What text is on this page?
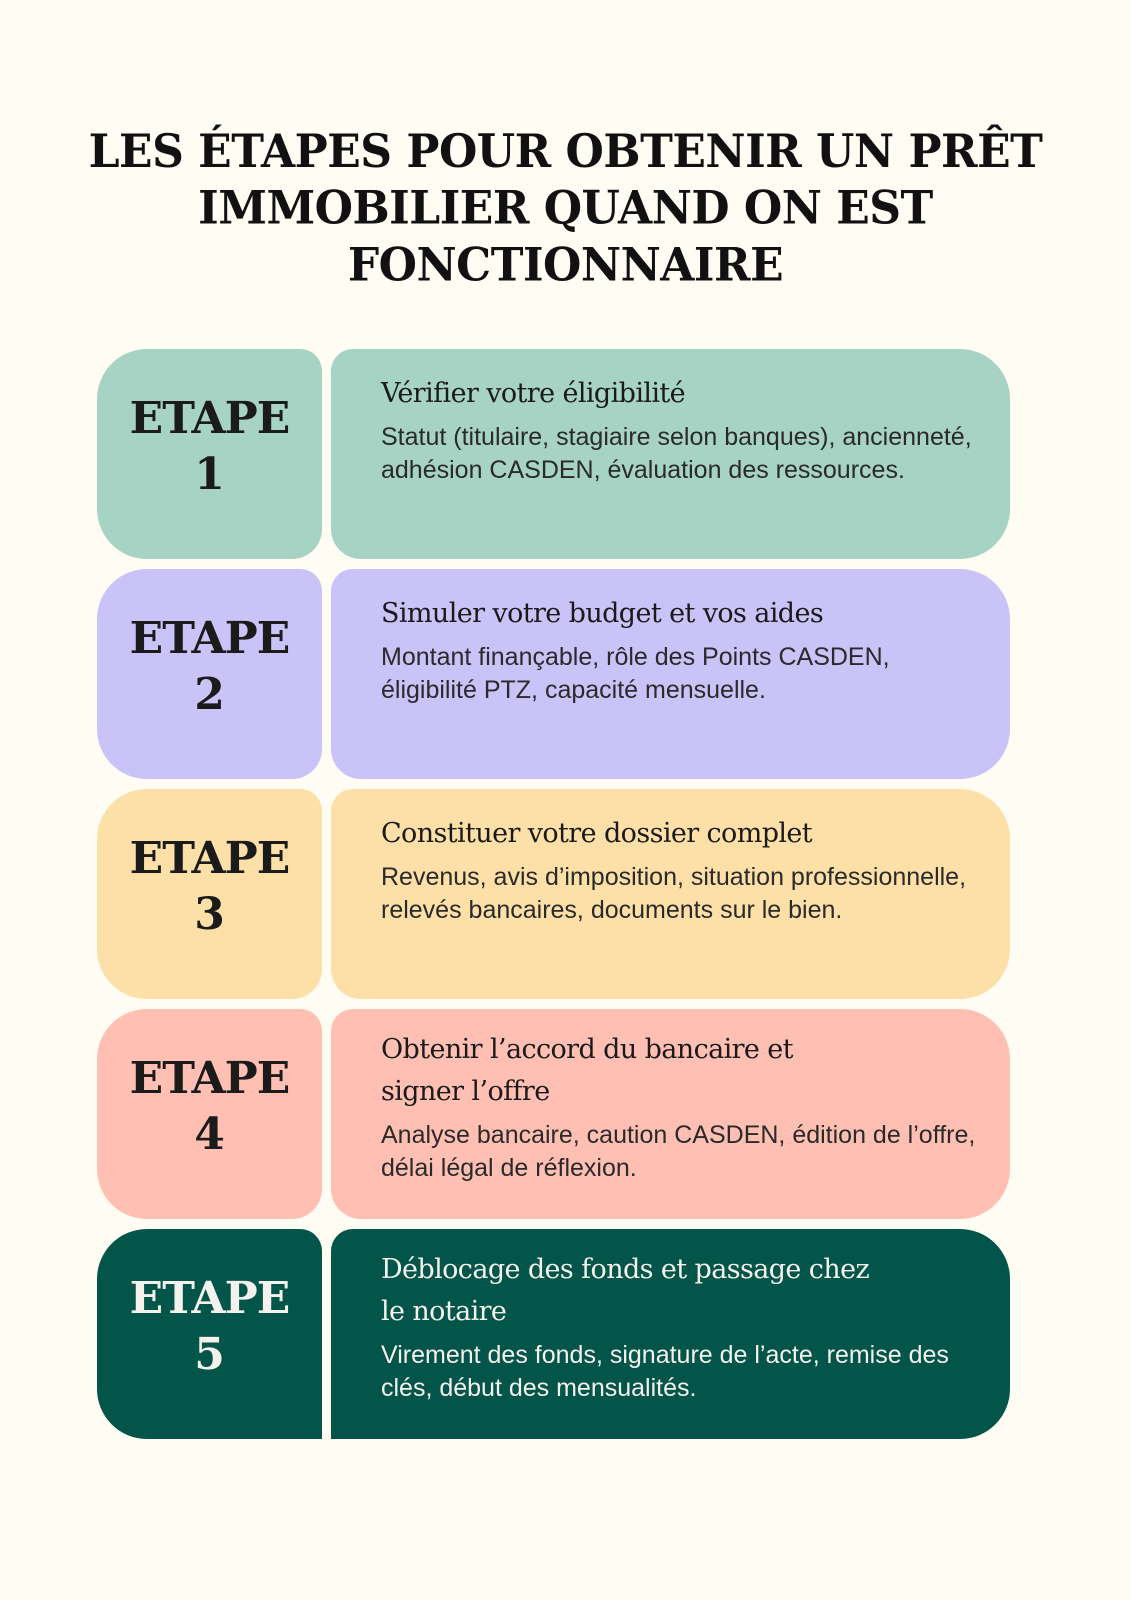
LES ÉTAPES POUR OBTENIR UN PRÊT
IMMOBILIER QUAND ON EST
FONCTIONNAIRE
ETAPE
1
Vérifier votre éligibilité
Statut (titulaire, stagiaire selon banques), ancienneté, adhésion CASDEN, évaluation des ressources.
ETAPE
2
Simuler votre budget et vos aides
Montant finançable, rôle des Points CASDEN, éligibilité PTZ, capacité mensuelle.
ETAPE
3
Constituer votre dossier complet
Revenus, avis d’imposition, situation professionnelle, relevés bancaires, documents sur le bien.
ETAPE
4
Obtenir l’accord du bancaire et signer l’offre
Analyse bancaire, caution CASDEN, édition de l’offre, délai légal de réflexion.
ETAPE
5
Déblocage des fonds et passage chez le notaire
Virement des fonds, signature de l’acte, remise des clés, début des mensualités.
